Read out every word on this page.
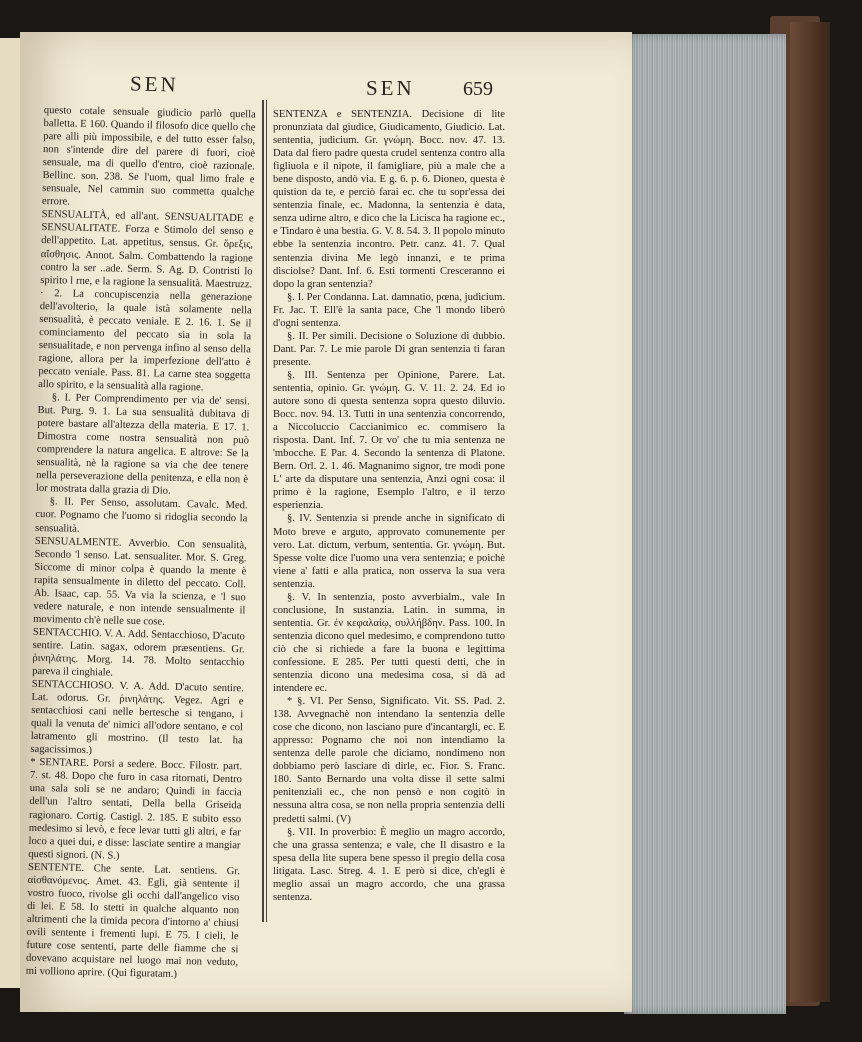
SEN	SEN 659

questo cotale sensuale giudicio parlò quella balletta. E 160. Quando il filosofo dice quello che pare alli più impossibile, e del tutto esser falso, non s'intende dire del parere di fuori, cioè sensuale, ma di quello d'entro, cioè razionale. Bellinc. son. 238. Se l'uom, qual limo frale e sensuale, Nel cammin suo commetta qualche errore.

SENSUALITÀ, ed all'ant. SENSUALITADE e SENSUALITATE. Forza e Stimolo del senso e dell'appetito. Lat. appetitus, sensus. Gr. ὄρεξις, αἴσθησις. Annot. Salm. Combattendo la ragione contro la ser ..ade. Serm. S. Ag. D. Contristi lo spirito l rne, e la ragione la sensualità. Maestruzz. · 2. La concupiscenzia nella generazione dell'avolterio, la quale istà solamente nella sensualità, è peccato veniale. E 2. 16. 1. Se il cominciamento del peccato sia in sola la sensualitade, e non pervenga infino al senso della ragione, allora per la imperfezione dell'atto è peccato veniale. Pass. 81. La carne stea soggetta allo spirito, e la sensualità alla ragione.

§. I. Per Comprendimento per via de' sensi. But. Purg. 9. 1. La sua sensualità dubitava di potere bastare all'altezza della materia. E 17. 1. Dimostra come nostra sensualità non può comprendere la natura angelica. E altrove: Se la sensualità, nè la ragione sa via che dee tenere nella perseverazione della penitenza, e ella non è lor mostrata dalla grazia di Dio.

§. II. Per Senso, assolutam. Cavalc. Med. cuor. Pognamo che l'uomo si ridoglia secondo la sensualità.

SENSUALMENTE. Avverbio. Con sensualità, Secondo 'l senso. Lat. sensualiter. Mor. S. Greg. Siccome di minor colpa è quando la mente è rapita sensualmente in diletto del peccato. Coll. Ab. Isaac, cap. 55. Va via la scienza, e 'l suo vedere naturale, e non intende sensualmente il movimento ch'è nelle sue cose.

SENTACCHIO. V. A. Add. Sentacchioso, D'acuto sentire. Latin. sagax, odorem præsentiens. Gr. ῥινηλάτης. Morg. 14. 78. Molto sentacchio pareva il cinghiale.

SENTACCHIOSO. V. A. Add. D'acuto sentire. Lat. odorus. Gr. ῥινηλάτης. Vegez. Agri e sentacchiosi cani nelle bertesche si tengano, i quali la venuta de' nimici all'odore sentano, e col latramento gli mostrino. (Il testo lat. ha sagacissimos.)

* SENTARE. Porsi a sedere. Bocc. Filostr. part. 7. st. 48. Dopo che furo in casa ritornati, Dentro una sala soli se ne andaro; Quindi in faccia dell'un l'altro sentati, Della bella Griseida ragionaro. Cortig. Castigl. 2. 185. E subito esso medesimo si levò, e fece levar tutti gli altri, e far loco a quei dui, e disse: lasciate sentire a mangiar questi signori. (N. S.)

SENTENTE. Che sente. Lat. sentiens. Gr. αἰσθανόμενος. Amet. 43. Egli, già sentente il vostro fuoco, rivolse gli occhi dall'angelico viso di lei. E 58. Io stetti in qualche alquanto non altrimenti che la timida pecora d'intorno a' chiusi ovili sentente i frementi lupi. E 75. I cieli, le future cose sententi, parte delle fiamme che si dovevano acquistare nel luogo mai non veduto, mi volliono aprire. (Qui figuratam.)

SENTENZA e SENTENZIA. Decisione di lite pronunziata dal giudice, Giudicamento, Giudicio. Lat. sententia, judicium. Gr. γνώμη. Bocc. nov. 47. 13. Data dal fiero padre questa crudel sentenza contro alla figliuola e il nipote, il famigliare, più a male che a bene disposto, andò via. E g. 6. p. 6. Dioneo, questa è quistion da te, e perciò farai ec. che tu sopr'essa dei sentenzia finale, ec. Madonna, la sentenzia è data, senza udirne altro, e dico che la Licisca ha ragione ec., e Tindaro è una bestia. G. V. 8. 54. 3. Il popolo minuto ebbe la sentenzia incontro. Petr. canz. 41. 7. Qual sentenzia divina Me legò innanzi, e te prima disciolse? Dant. Inf. 6. Esti tormenti Cresceranno ei dopo la gran sentenzia?

§. I. Per Condanna. Lat. damnatio, pœna, judicium. Fr. Jac. T. Ell'è la santa pace, Che 'l mondo liberò d'ogni sentenza.

§. II. Per simili. Decisione o Soluzione di dubbio. Dant. Par. 7. Le mie parole Di gran sentenzia ti faran presente.

§. III. Sentenza per Opinione, Parere. Lat. sententia, opinio. Gr. γνώμη. G. V. 11. 2. 24. Ed io autore sono di questa sentenza sopra questo diluvio. Bocc. nov. 94. 13. Tutti in una sentenzia concorrendo, a Niccoluccio Caccianimico ec. commisero la risposta. Dant. Inf. 7. Or vo' che tu mia sentenza ne 'mbocche. E Par. 4. Secondo la sentenza di Platone. Bern. Orl. 2. 1. 46. Magnanimo signor, tre modi pone L' arte da disputare una sentenzia, Anzi ogni cosa: il primo è la ragione, Esemplo l'altro, e il terzo esperienzia.

§. IV. Sentenzia si prende anche in significato di Moto breve e arguto, approvato comunemente per vero. Lat. dictum, verbum, sententia. Gr. γνώμη. But. Spesse volte dice l'uomo una vera sentenzia; e poichè viene a' fatti e alla pratica, non osserva la sua vera sentenzia.

§. V. In sentenzia, posto avverbialm., vale In conclusione, In sustanzia. Latin. in summa, in sententia. Gr. ἐν κεφαλαίῳ, συλλήβδην. Pass. 100. In sentenzia dicono quel medesimo, e comprendono tutto ciò che si richiede a fare la buona e legittima confessione. E 285. Per tutti questi detti, che in sentenzia dicono una medesima cosa, si dà ad intendere ec.

* §. VI. Per Senso, Significato. Vit. SS. Pad. 2. 138. Avvegnachè non intendano la sentenzia delle cose che dicono, non lasciano pure d'incantargli, ec. E appresso: Pognamo che noi non intendiamo la sentenza delle parole che diciamo, nondimeno non dobbiamo però lasciare di dirle, ec. Fior. S. Franc. 180. Santo Bernardo una volta disse il sette salmi penitenziali ec., che non pensò e non cogitò in nessuna altra cosa, se non nella propria sentenzia delli predetti salmi. (V)

§. VII. In proverbio: È meglio un magro accordo, che una grassa sentenza; e vale, che Il disastro e la spesa della lite supera bene spesso il pregio della cosa litigata. Lasc. Streg. 4. 1. E però si dice, ch'egli è meglio assai un magro accordo, che una grassa sentenza.
